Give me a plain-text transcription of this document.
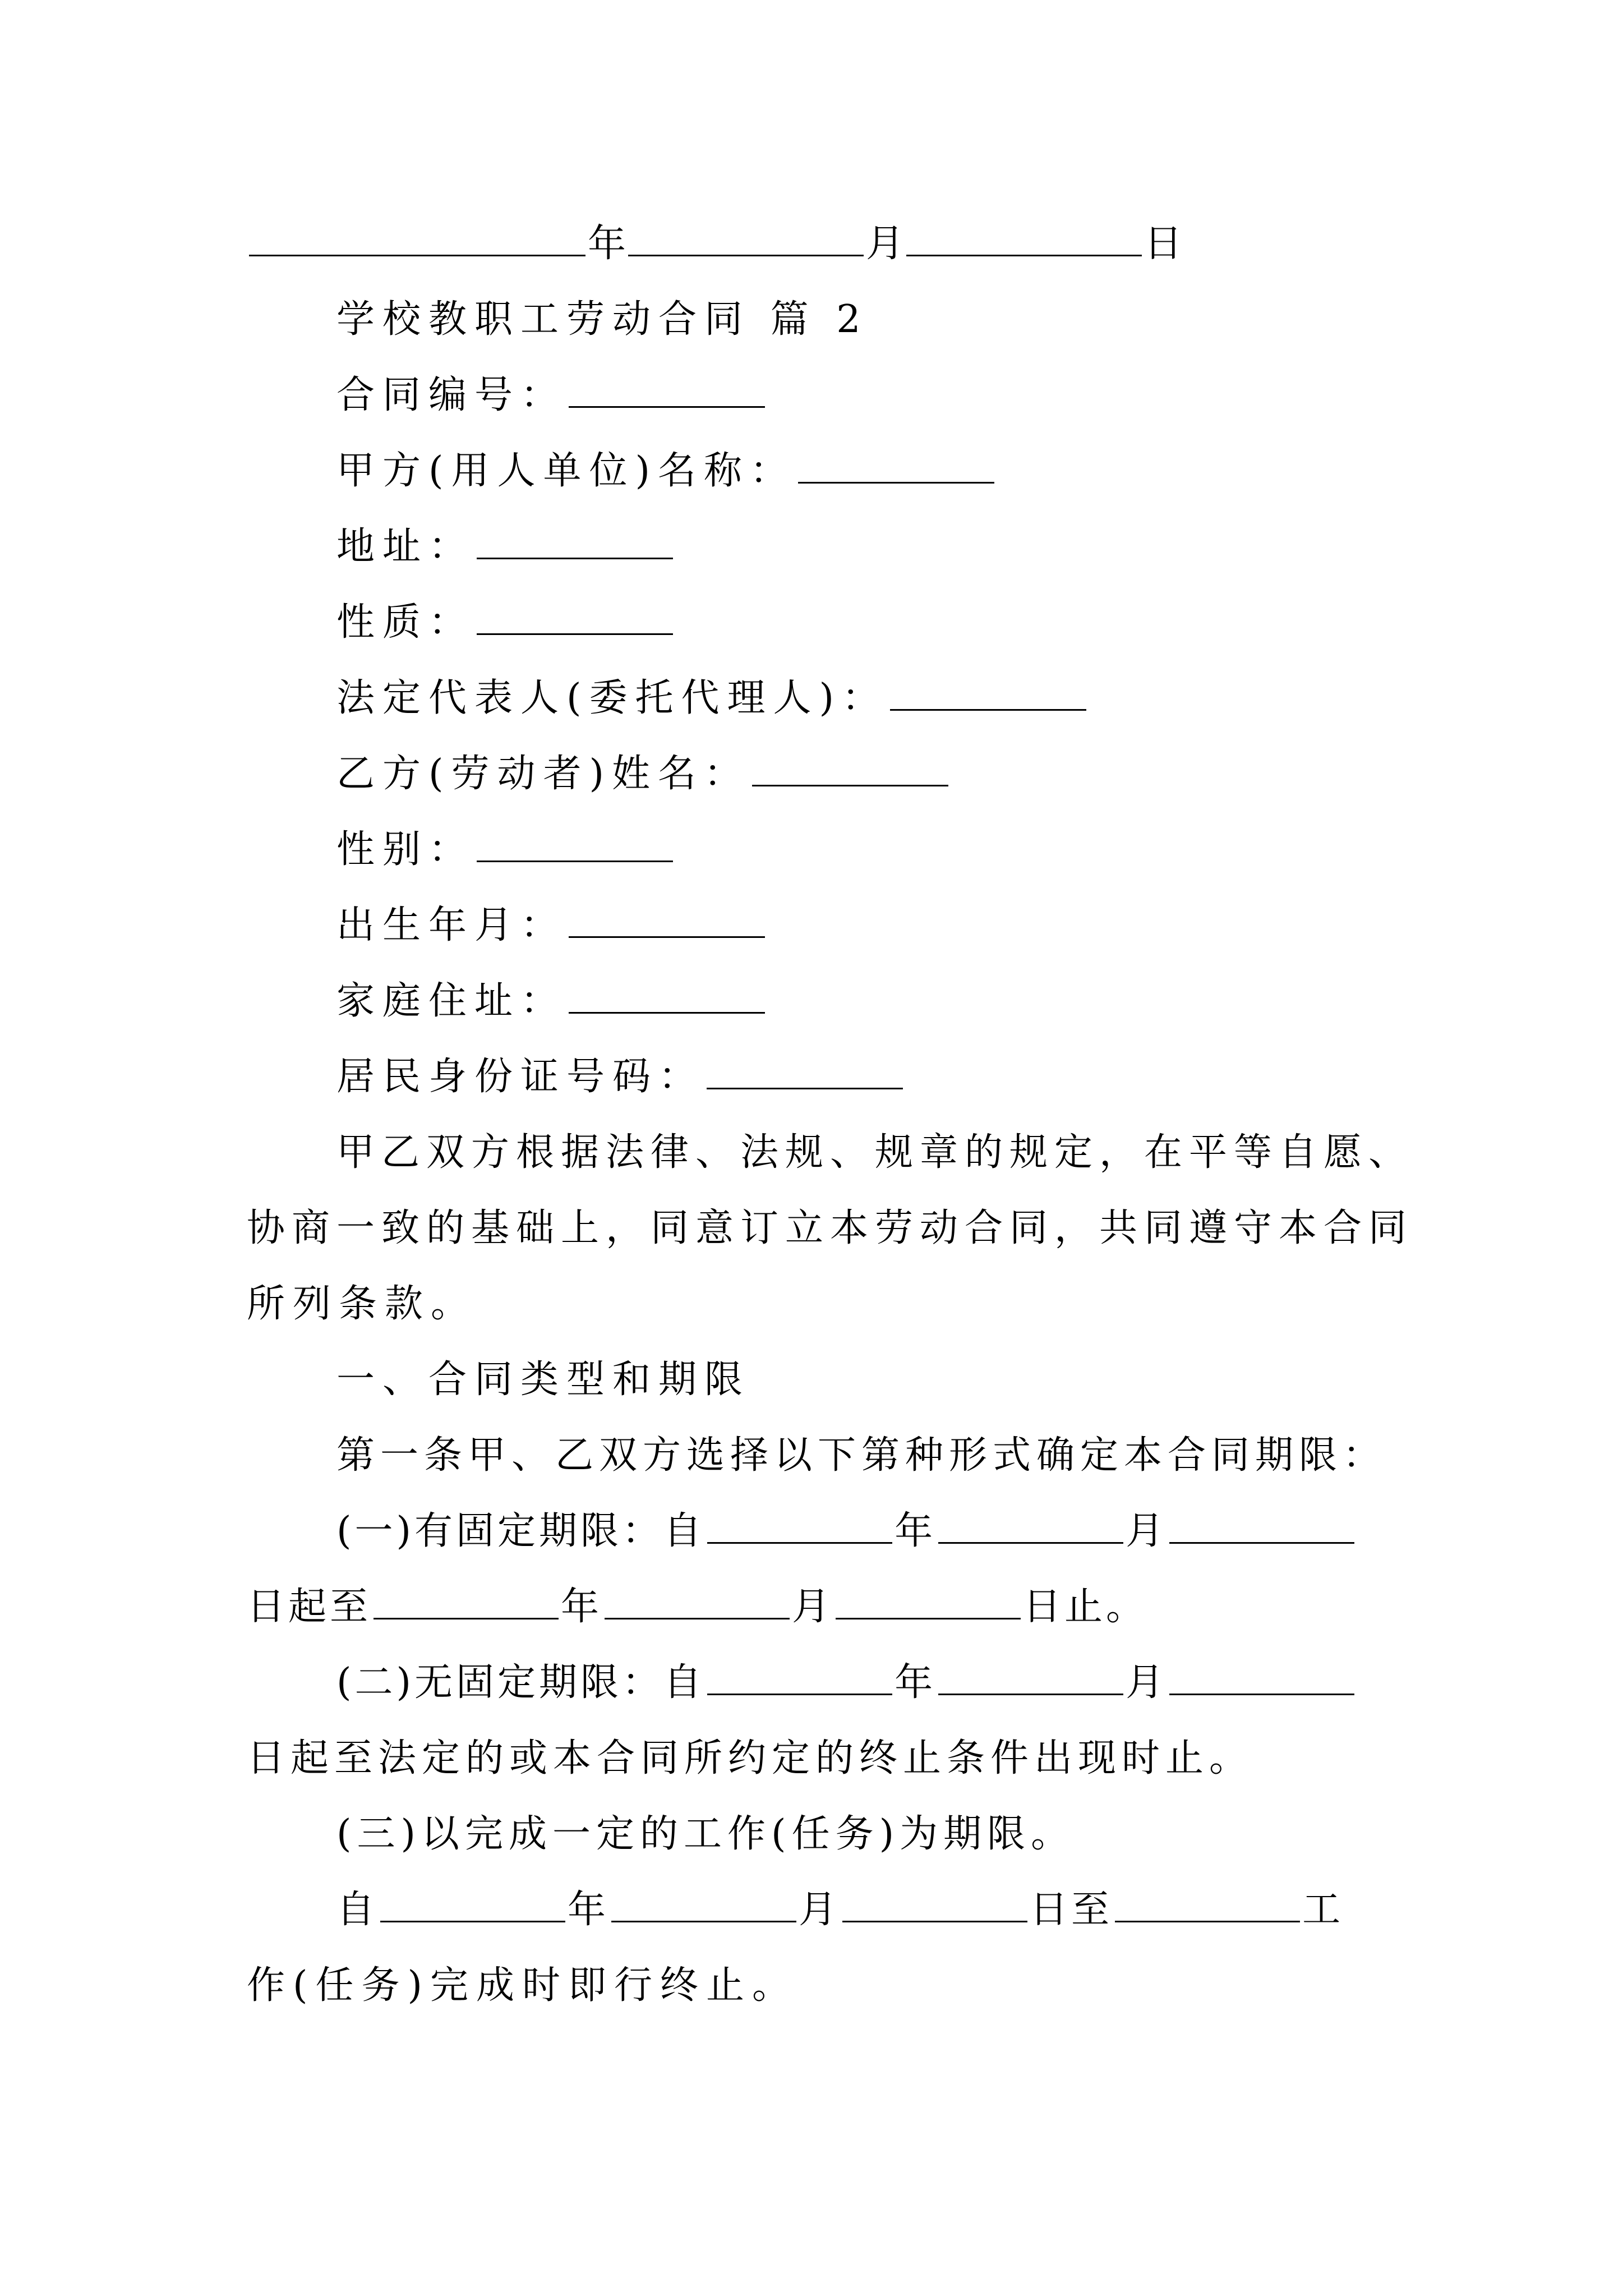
年	月	日
学校教职工劳动合同 篇 2
合同编号：
甲方(用人单位)名称：
地址：
性质：
法定代表人(委托代理人)：
乙方(劳动者)姓名：
性别：
出生年月：
家庭住址：
居民身份证号码：
甲乙双方根据法律、法规、规章的规定，在平等自愿、
协商一致的基础上，同意订立本劳动合同，共同遵守本合同
所列条款。
一、合同类型和期限
第一条甲、乙双方选择以下第种形式确定本合同期限：
(一)有固定期限：自	年	月
日起至	年	月	日止。
(二)无固定期限：自	年	月
日起至法定的或本合同所约定的终止条件出现时止。
(三)以完成一定的工作(任务)为期限。
自	年	月	日至	工
作(任务)完成时即行终止。
